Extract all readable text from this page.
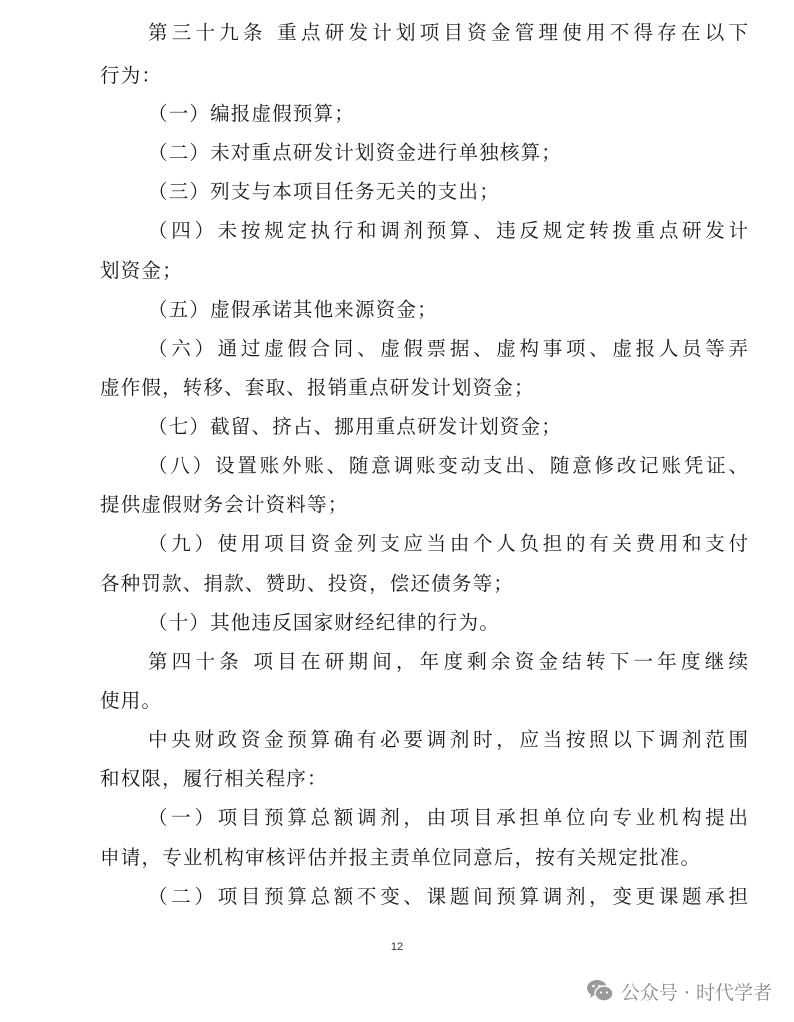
第三十九条 重点研发计划项目资金管理使用不得存在以下
行为：
（一）编报虚假预算；
（二）未对重点研发计划资金进行单独核算；
（三）列支与本项目任务无关的支出；
（四）未按规定执行和调剂预算、违反规定转拨重点研发计
划资金；
（五）虚假承诺其他来源资金；
（六）通过虚假合同、虚假票据、虚构事项、虚报人员等弄
虚作假，转移、套取、报销重点研发计划资金；
（七）截留、挤占、挪用重点研发计划资金；
（八）设置账外账、随意调账变动支出、随意修改记账凭证、
提供虚假财务会计资料等；
（九）使用项目资金列支应当由个人负担的有关费用和支付
各种罚款、捐款、赞助、投资，偿还债务等；
（十）其他违反国家财经纪律的行为。
第四十条 项目在研期间，年度剩余资金结转下一年度继续
使用。
中央财政资金预算确有必要调剂时，应当按照以下调剂范围
和权限，履行相关程序：
（一）项目预算总额调剂，由项目承担单位向专业机构提出
申请，专业机构审核评估并报主责单位同意后，按有关规定批准。
（二）项目预算总额不变、课题间预算调剂，变更课题承担
12
公众号 · 时代学者
